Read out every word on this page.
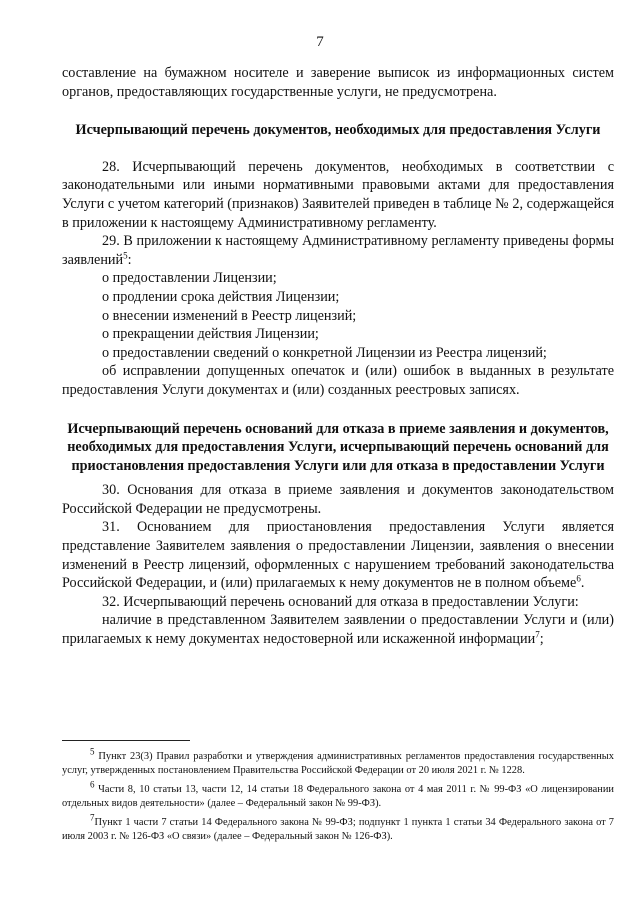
7

составление на бумажном носителе и заверение выписок из информационных систем органов, предоставляющих государственные услуги, не предусмотрена.

Исчерпывающий перечень документов, необходимых для предоставления Услуги

28. Исчерпывающий перечень документов, необходимых в соответствии с законодательными или иными нормативными правовыми актами для предоставления Услуги с учетом категорий (признаков) Заявителей приведен в таблице № 2, содержащейся в приложении к настоящему Административному регламенту.

29. В приложении к настоящему Административному регламенту приведены формы заявлений$^5$:

о предоставлении Лицензии;

о продлении срока действия Лицензии;

о внесении изменений в Реестр лицензий;

о прекращении действия Лицензии;

о предоставлении сведений о конкретной Лицензии из Реестра лицензий;

об исправлении допущенных опечаток и (или) ошибок в выданных в результате предоставления Услуги документах и (или) созданных реестровых записях.

Исчерпывающий перечень оснований для отказа в приеме заявления и документов, необходимых для предоставления Услуги, исчерпывающий перечень оснований для приостановления предоставления Услуги или для отказа в предоставлении Услуги

30. Основания для отказа в приеме заявления и документов законодательством Российской Федерации не предусмотрены.

31. Основанием для приостановления предоставления Услуги является представление Заявителем заявления о предоставлении Лицензии, заявления о внесении изменений в Реестр лицензий, оформленных с нарушением требований законодательства Российской Федерации, и (или) прилагаемых к нему документов не в полном объеме$^6$.

32. Исчерпывающий перечень оснований для отказа в предоставлении Услуги:

наличие в представленном Заявителем заявлении о предоставлении Услуги и (или) прилагаемых к нему документах недостоверной или искаженной информации$^7$;

$^5$ Пункт 23(3) Правил разработки и утверждения административных регламентов предоставления государственных услуг, утвержденных постановлением Правительства Российской Федерации от 20 июля 2021 г. № 1228.

$^6$ Части 8, 10 статьи 13, части 12, 14 статьи 18 Федерального закона от 4 мая 2011 г. № 99-ФЗ «О лицензировании отдельных видов деятельности» (далее – Федеральный закон № 99-ФЗ).

$^7$Пункт 1 части 7 статьи 14 Федерального закона № 99-ФЗ; подпункт 1 пункта 1 статьи 34 Федерального закона от 7 июля 2003 г. № 126-ФЗ «О связи» (далее – Федеральный закон № 126-ФЗ).
